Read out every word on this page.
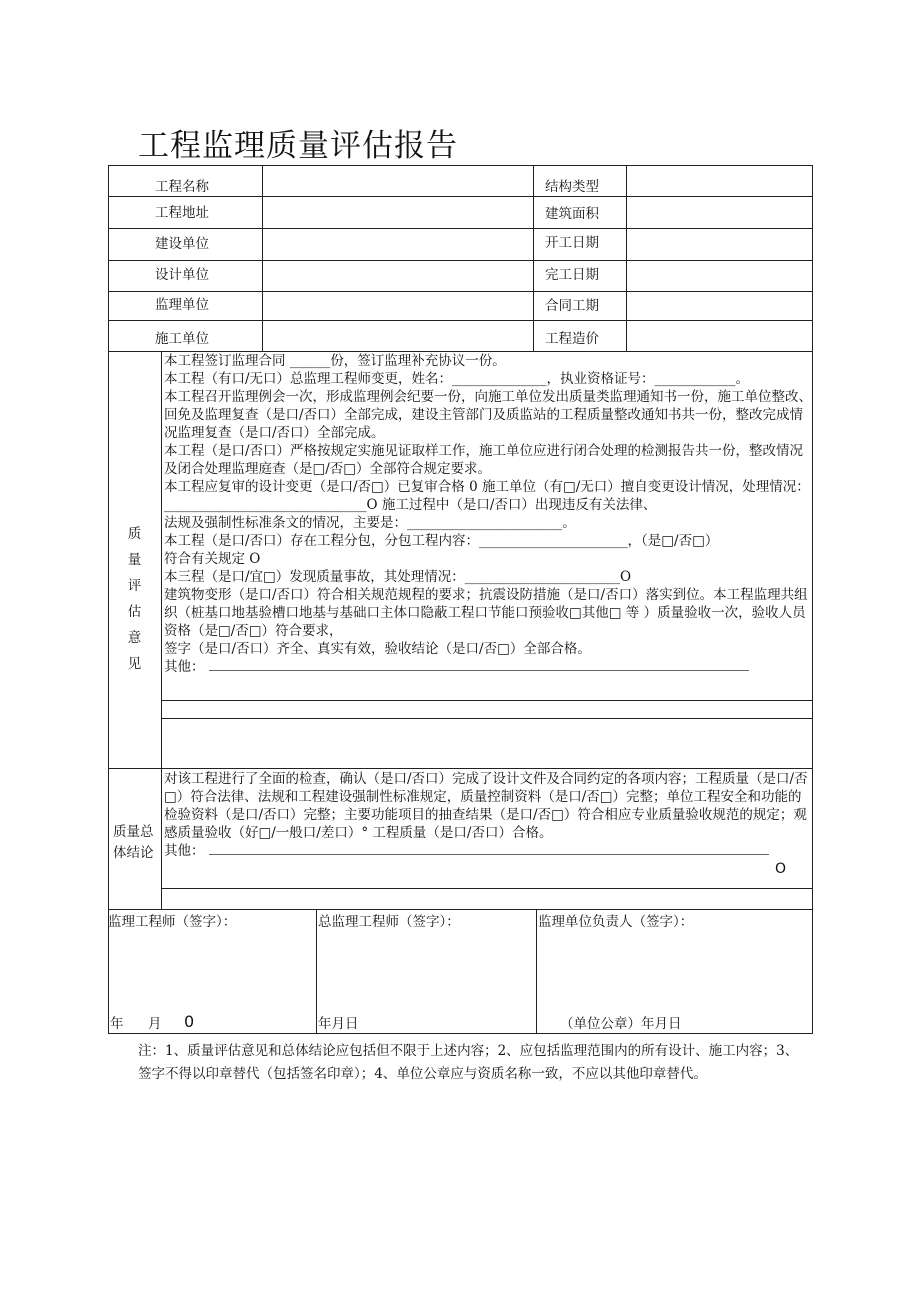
工程监理质量评估报告
工程名称	结构类型
工程地址	建筑面积
建设单位	开工日期
设计单位	完工日期
监理单位	合同工期
施工单位	工程造价
质
量
评
估
意
见
本工程签订监理合同 ______份，签订监理补充协议一份。
本工程（有口/无口）总监理工程师变更，姓名：______________，执业资格证号：____________。
本工程召开监理例会一次，形成监理例会纪要一份，向施工单位发出质量类监理通知书一份，施工单位整改、回免及监理复查（是口/否口）全部完成，建设主管部门及质监站的工程质量整改通知书共一份，整改完成情况监理复查（是口/否口）全部完成。
本工程（是口/否口）严格按规定实施见证取样工作，施工单位应进行闭合处理的检测报告共一份，整改情况及闭合处理监理庭查（是□/否□）全部符合规定要求。
本工程应复审的设计变更（是口/否□）已复审合格 0 施工单位（有□/无口）擅自变更设计情况，处理情况：______________________________O 施工过程中（是口/否口）出现违反有关法律、
法规及强制性标准条文的情况，主要是：_______________________。
本工程（是口/否口）存在工程分包，分包工程内容：______________________，（是□/否□）
符合有关规定 O
本三程（是口/宜□）发现质量事故，其处理情况：_______________________O
建筑物变形（是口/否口）符合相关规范规程的要求；抗震设防措施（是口/否口）落实到位。本工程监理共组织（桩基口地基验槽口地基与基础口主体口隐蔽工程口节能口预验收□其他□ 等 ）质量验收一次，验收人员资格（是□/否□）符合要求，
签字（是口/否口）齐全、真实有效，验收结论（是口/否□）全部合格。
其他：
质量总
体结论
对该工程进行了全面的检查，确认（是口/否口）完成了设计文件及合同约定的各项内容；工程质量（是口/否□）符合法律、法规和工程建设强制性标准规定，质量控制资料（是口/否□）完整；单位工程安全和功能的检验资料（是口/否口）完整；主要功能项目的抽查结果（是口/否□）符合相应专业质量验收规范的规定；观感质量验收（好□/一般口/差口）° 工程质量（是口/否口）合格。
其他：
O
监理工程师（签字）：	总监理工程师（签字）：	监理单位负责人（签字）：
年 月 0	年月日	（单位公章）年月日
注：1、质量评估意见和总体结论应包括但不限于上述内容；2、应包括监理范围内的所有设计、施工内容；3、签字不得以印章替代（包括签名印章）；4、单位公章应与资质名称一致，不应以其他印章替代。
